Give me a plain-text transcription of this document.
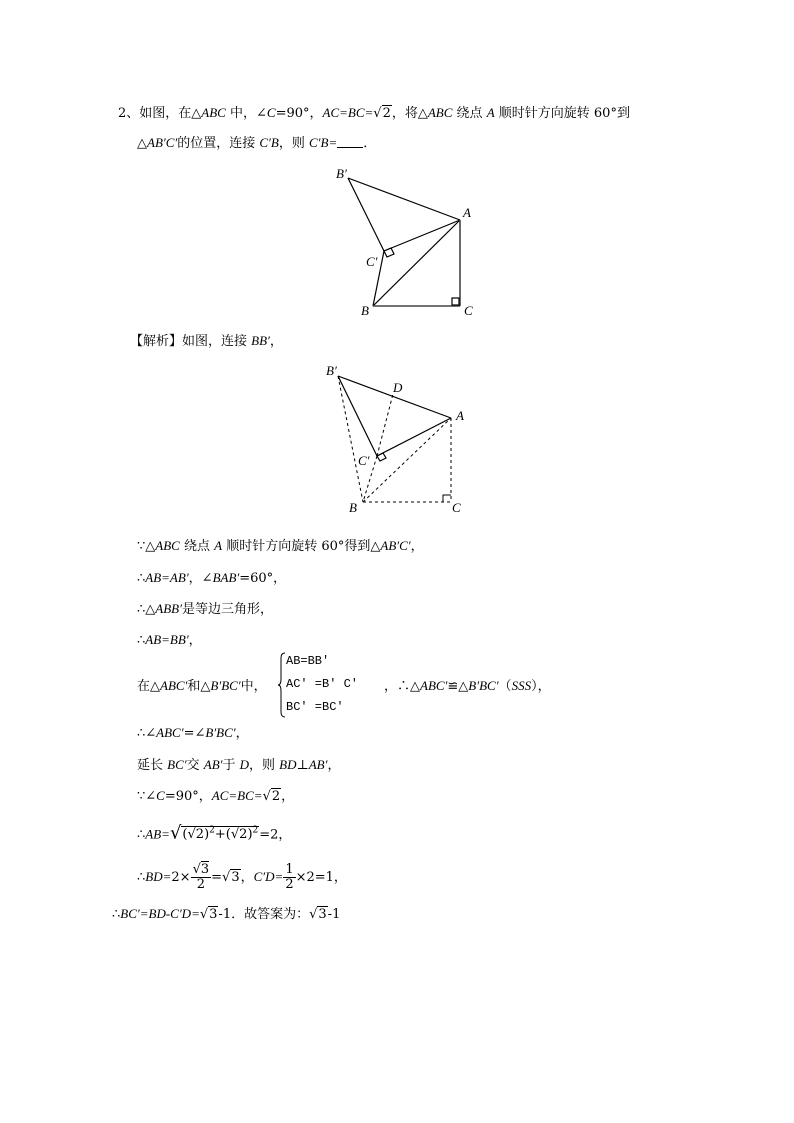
2、如图，在△ABC 中，∠C=90°，AC=BC=√2，将△ABC 绕点 A 顺时针方向旋转 60°到
△AB′C′的位置，连接 C′B，则 C′B= ．
B′
A
C′
B	C
【解析】如图，连接 BB′，
B′
D
A
C′
B	C
∵△ABC 绕点 A 顺时针方向旋转 60°得到△AB′C′，
∴AB=AB′，∠BAB′=60°，
∴△ABB′是等边三角形，
∴AB=BB′，
在△ABC′和△B′BC′中，
AB=BB′
AC′ =B′ C′
BC′ =BC′
，∴△ABC′≌△B′BC′（SSS），
∴∠ABC′=∠B′BC′，
延长 BC′交 AB′于 D，则 BD⊥AB′，
∵∠C=90°，AC=BC=√2，
$\therefore AB=√(√2)^2+(√2)^2=2$，
∴BD=2× $\frac{√3}{2} =√3$，$C'D= \frac{1}{2} \times 2=1$，
∴BC′=BD-C′D=√3-1．故答案为：√3-1
